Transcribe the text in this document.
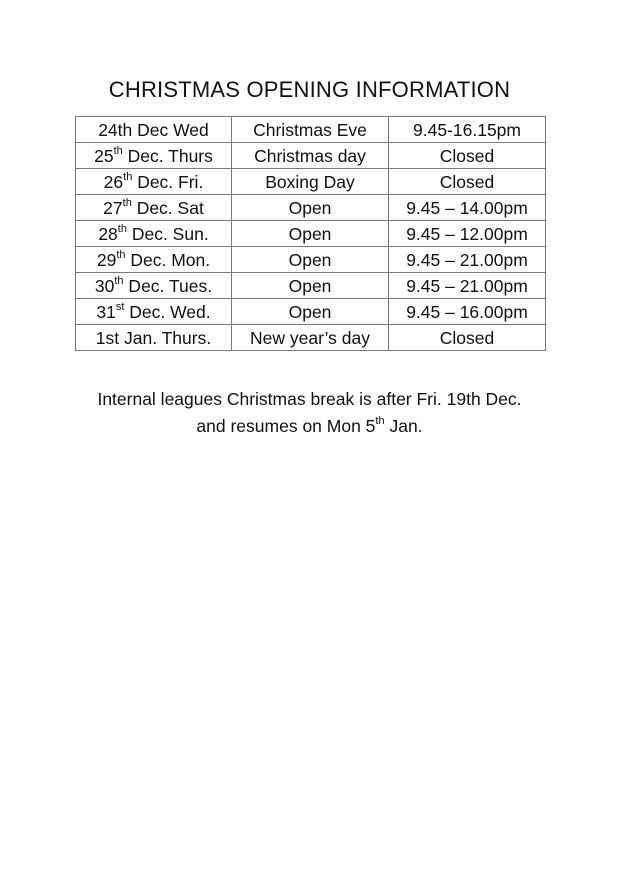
CHRISTMAS OPENING INFORMATION
24th Dec Wed	Christmas Eve	9.45-16.15pm
25th Dec. Thurs	Christmas day	Closed
26th Dec. Fri.	Boxing Day	Closed
27th Dec. Sat	Open	9.45 – 14.00pm
28th Dec. Sun.	Open	9.45 – 12.00pm
29th Dec. Mon.	Open	9.45 – 21.00pm
30th Dec. Tues.	Open	9.45 – 21.00pm
31st Dec. Wed.	Open	9.45 – 16.00pm
1st Jan. Thurs.	New year’s day	Closed
Internal leagues Christmas break is after Fri. 19th Dec.
and resumes on Mon 5th Jan.
